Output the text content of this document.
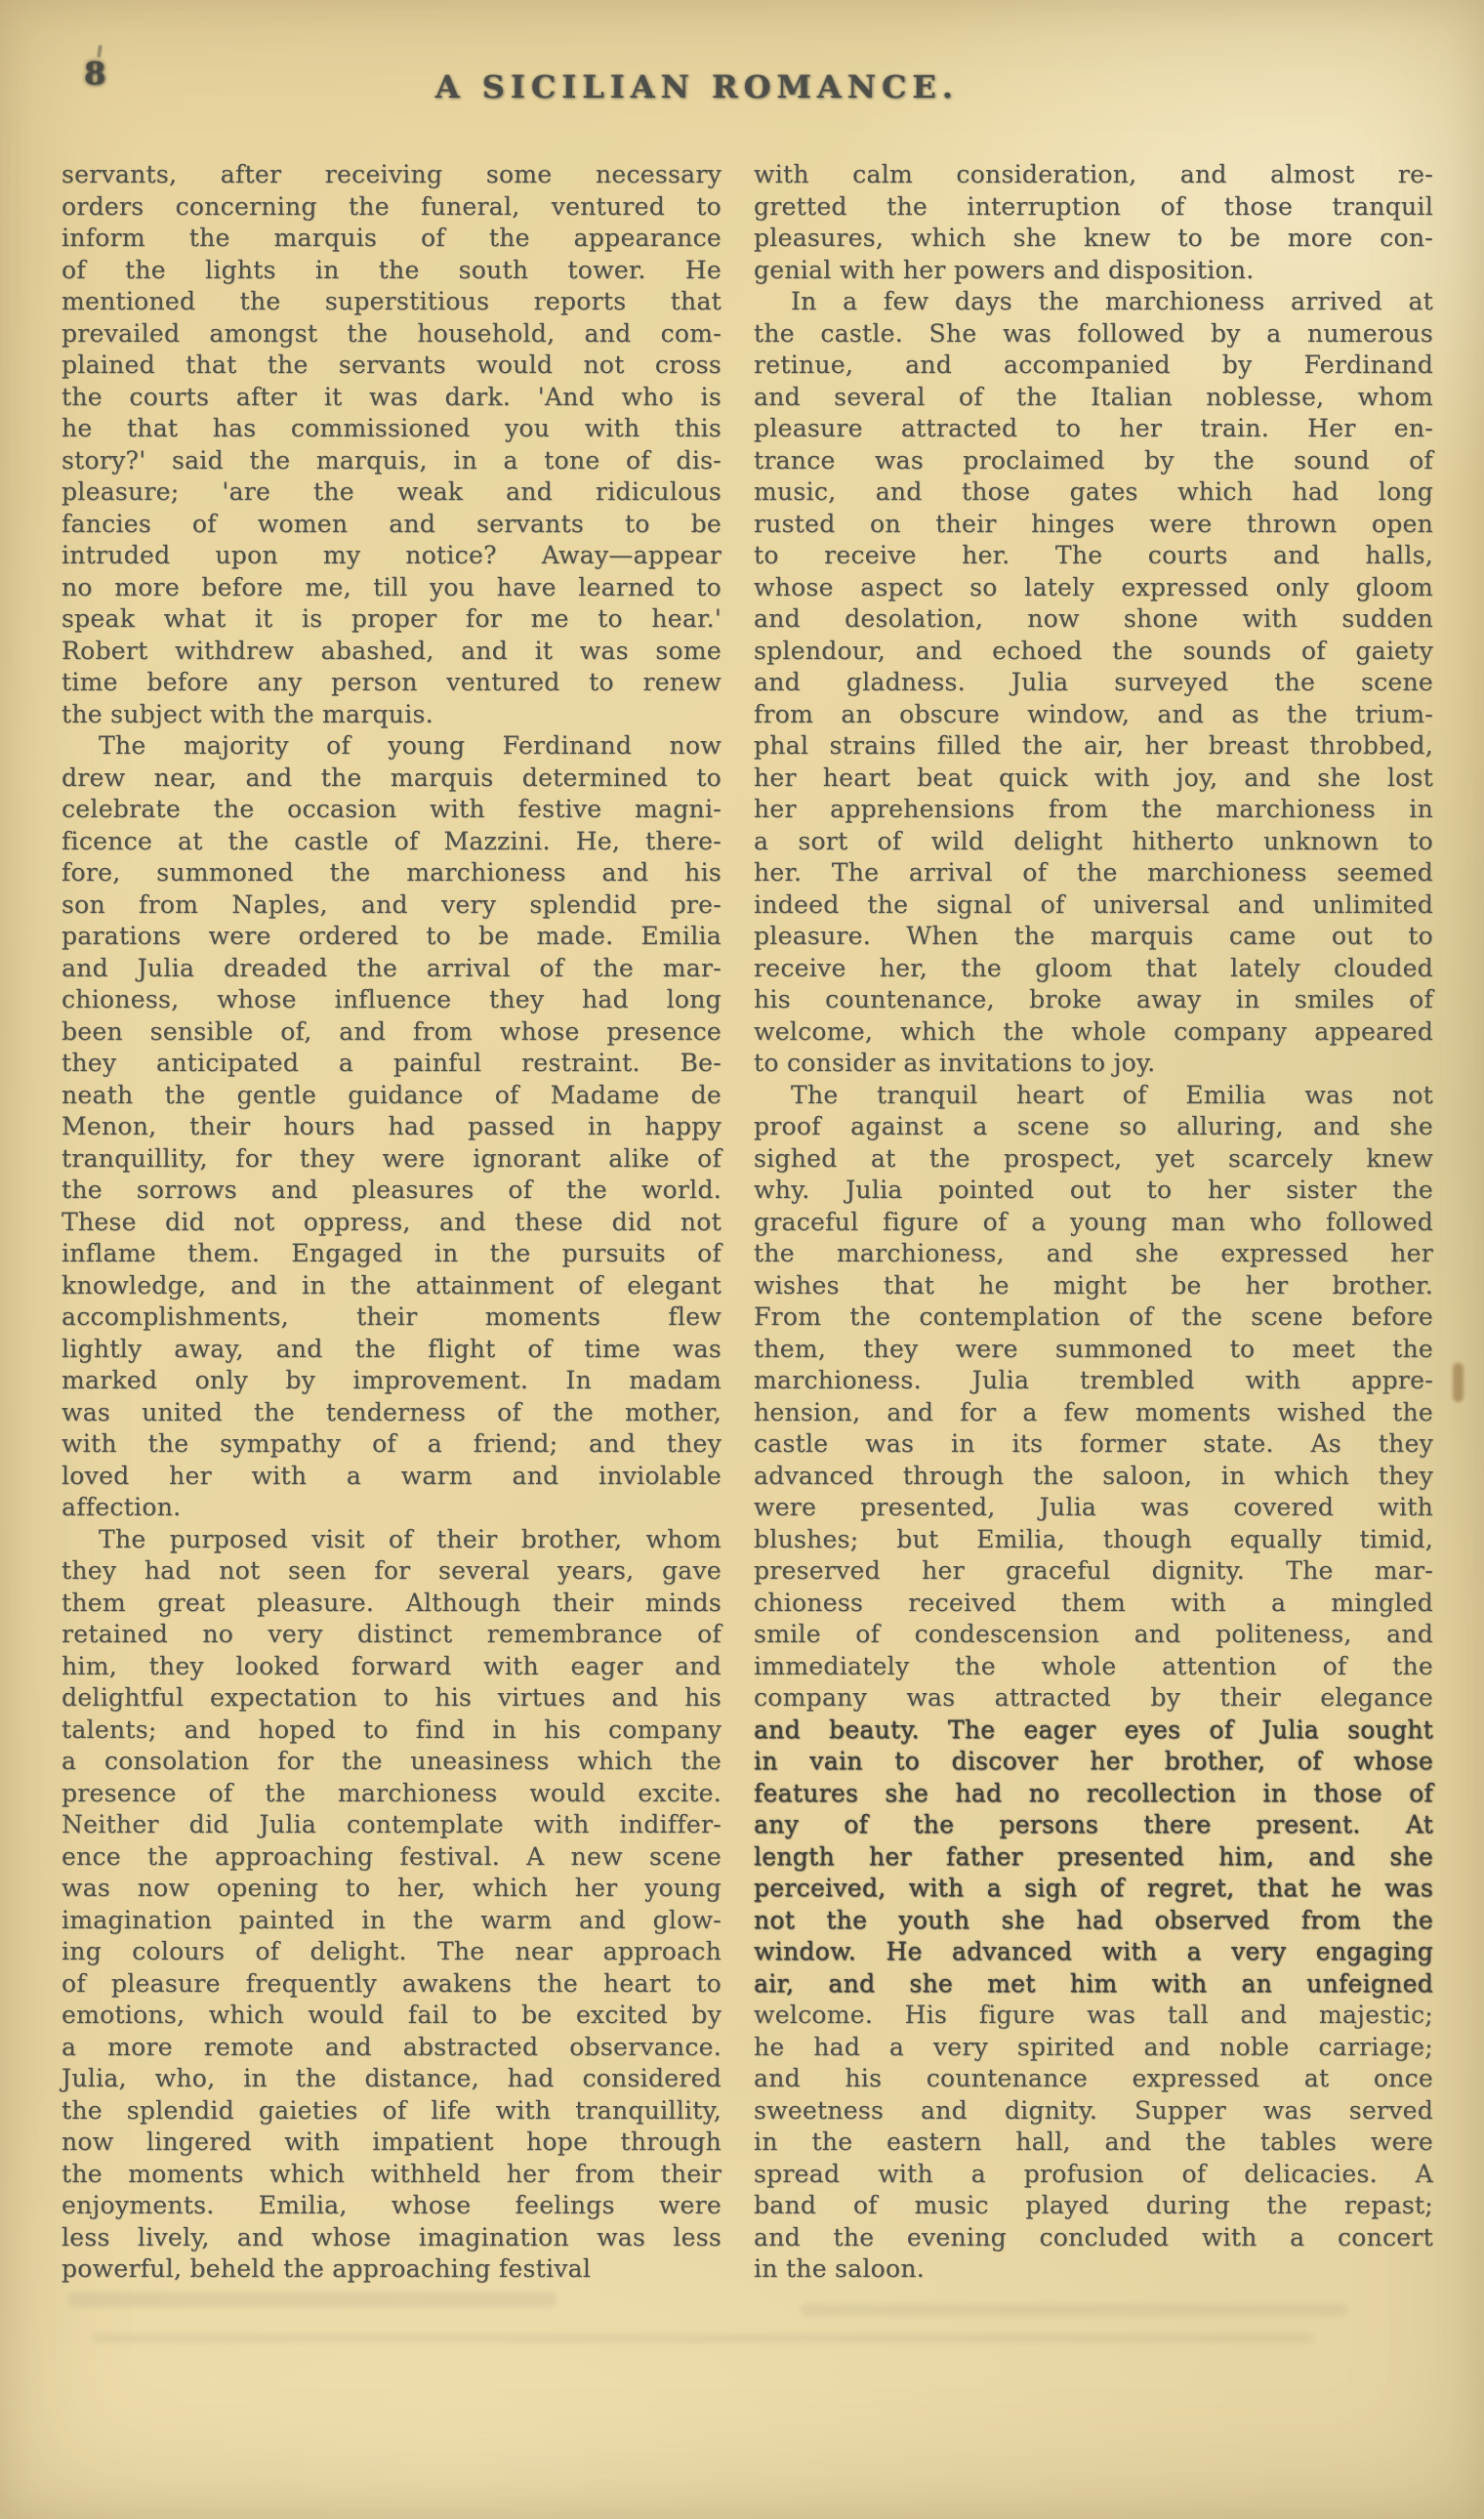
8	A SICILIAN ROMANCE.
servants, after receiving some necessary
orders concerning the funeral, ventured to
inform the marquis of the appearance
of the lights in the south tower. He
mentioned the superstitious reports that
prevailed amongst the household, and com-
plained that the servants would not cross
the courts after it was dark. 'And who is
he that has commissioned you with this
story?' said the marquis, in a tone of dis-
pleasure; 'are the weak and ridiculous
fancies of women and servants to be
intruded upon my notice? Away—appear
no more before me, till you have learned to
speak what it is proper for me to hear.'
Robert withdrew abashed, and it was some
time before any person ventured to renew
the subject with the marquis.
The majority of young Ferdinand now
drew near, and the marquis determined to
celebrate the occasion with festive magni-
ficence at the castle of Mazzini. He, there-
fore, summoned the marchioness and his
son from Naples, and very splendid pre-
parations were ordered to be made. Emilia
and Julia dreaded the arrival of the mar-
chioness, whose influence they had long
been sensible of, and from whose presence
they anticipated a painful restraint. Be-
neath the gentle guidance of Madame de
Menon, their hours had passed in happy
tranquillity, for they were ignorant alike of
the sorrows and pleasures of the world.
These did not oppress, and these did not
inflame them. Engaged in the pursuits of
knowledge, and in the attainment of elegant
accomplishments, their moments flew
lightly away, and the flight of time was
marked only by improvement. In madam
was united the tenderness of the mother,
with the sympathy of a friend; and they
loved her with a warm and inviolable
affection.
The purposed visit of their brother, whom
they had not seen for several years, gave
them great pleasure. Although their minds
retained no very distinct remembrance of
him, they looked forward with eager and
delightful expectation to his virtues and his
talents; and hoped to find in his company
a consolation for the uneasiness which the
presence of the marchioness would excite.
Neither did Julia contemplate with indiffer-
ence the approaching festival. A new scene
was now opening to her, which her young
imagination painted in the warm and glow-
ing colours of delight. The near approach
of pleasure frequently awakens the heart to
emotions, which would fail to be excited by
a more remote and abstracted observance.
Julia, who, in the distance, had considered
the splendid gaieties of life with tranquillity,
now lingered with impatient hope through
the moments which withheld her from their
enjoyments. Emilia, whose feelings were
less lively, and whose imagination was less
powerful, beheld the approaching festival
with calm consideration, and almost re-
gretted the interruption of those tranquil
pleasures, which she knew to be more con-
genial with her powers and disposition.
In a few days the marchioness arrived at
the castle. She was followed by a numerous
retinue, and accompanied by Ferdinand
and several of the Italian noblesse, whom
pleasure attracted to her train. Her en-
trance was proclaimed by the sound of
music, and those gates which had long
rusted on their hinges were thrown open
to receive her. The courts and halls,
whose aspect so lately expressed only gloom
and desolation, now shone with sudden
splendour, and echoed the sounds of gaiety
and gladness. Julia surveyed the scene
from an obscure window, and as the trium-
phal strains filled the air, her breast throbbed,
her heart beat quick with joy, and she lost
her apprehensions from the marchioness in
a sort of wild delight hitherto unknown to
her. The arrival of the marchioness seemed
indeed the signal of universal and unlimited
pleasure. When the marquis came out to
receive her, the gloom that lately clouded
his countenance, broke away in smiles of
welcome, which the whole company appeared
to consider as invitations to joy.
The tranquil heart of Emilia was not
proof against a scene so alluring, and she
sighed at the prospect, yet scarcely knew
why. Julia pointed out to her sister the
graceful figure of a young man who followed
the marchioness, and she expressed her
wishes that he might be her brother.
From the contemplation of the scene before
them, they were summoned to meet the
marchioness. Julia trembled with appre-
hension, and for a few moments wished the
castle was in its former state. As they
advanced through the saloon, in which they
were presented, Julia was covered with
blushes; but Emilia, though equally timid,
preserved her graceful dignity. The mar-
chioness received them with a mingled
smile of condescension and politeness, and
immediately the whole attention of the
company was attracted by their elegance
and beauty. The eager eyes of Julia sought
in vain to discover her brother, of whose
features she had no recollection in those of
any of the persons there present. At
length her father presented him, and she
perceived, with a sigh of regret, that he was
not the youth she had observed from the
window. He advanced with a very engaging
air, and she met him with an unfeigned
welcome. His figure was tall and majestic;
he had a very spirited and noble carriage;
and his countenance expressed at once
sweetness and dignity. Supper was served
in the eastern hall, and the tables were
spread with a profusion of delicacies. A
band of music played during the repast;
and the evening concluded with a concert
in the saloon.
